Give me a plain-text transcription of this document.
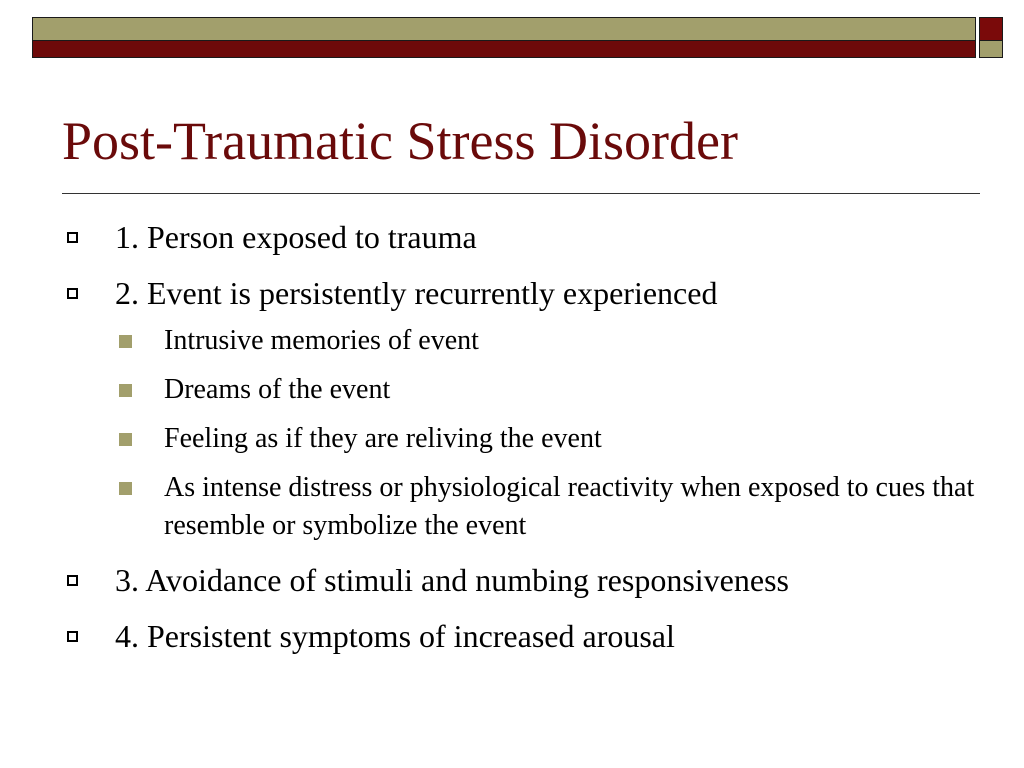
Post-Traumatic Stress Disorder
1. Person exposed to trauma
2. Event is persistently recurrently experienced
Intrusive memories of event
Dreams of the event
Feeling as if they are reliving the event
As intense distress or physiological reactivity when exposed to cues that resemble or symbolize the event
3. Avoidance of stimuli and numbing responsiveness
4. Persistent symptoms of increased arousal
